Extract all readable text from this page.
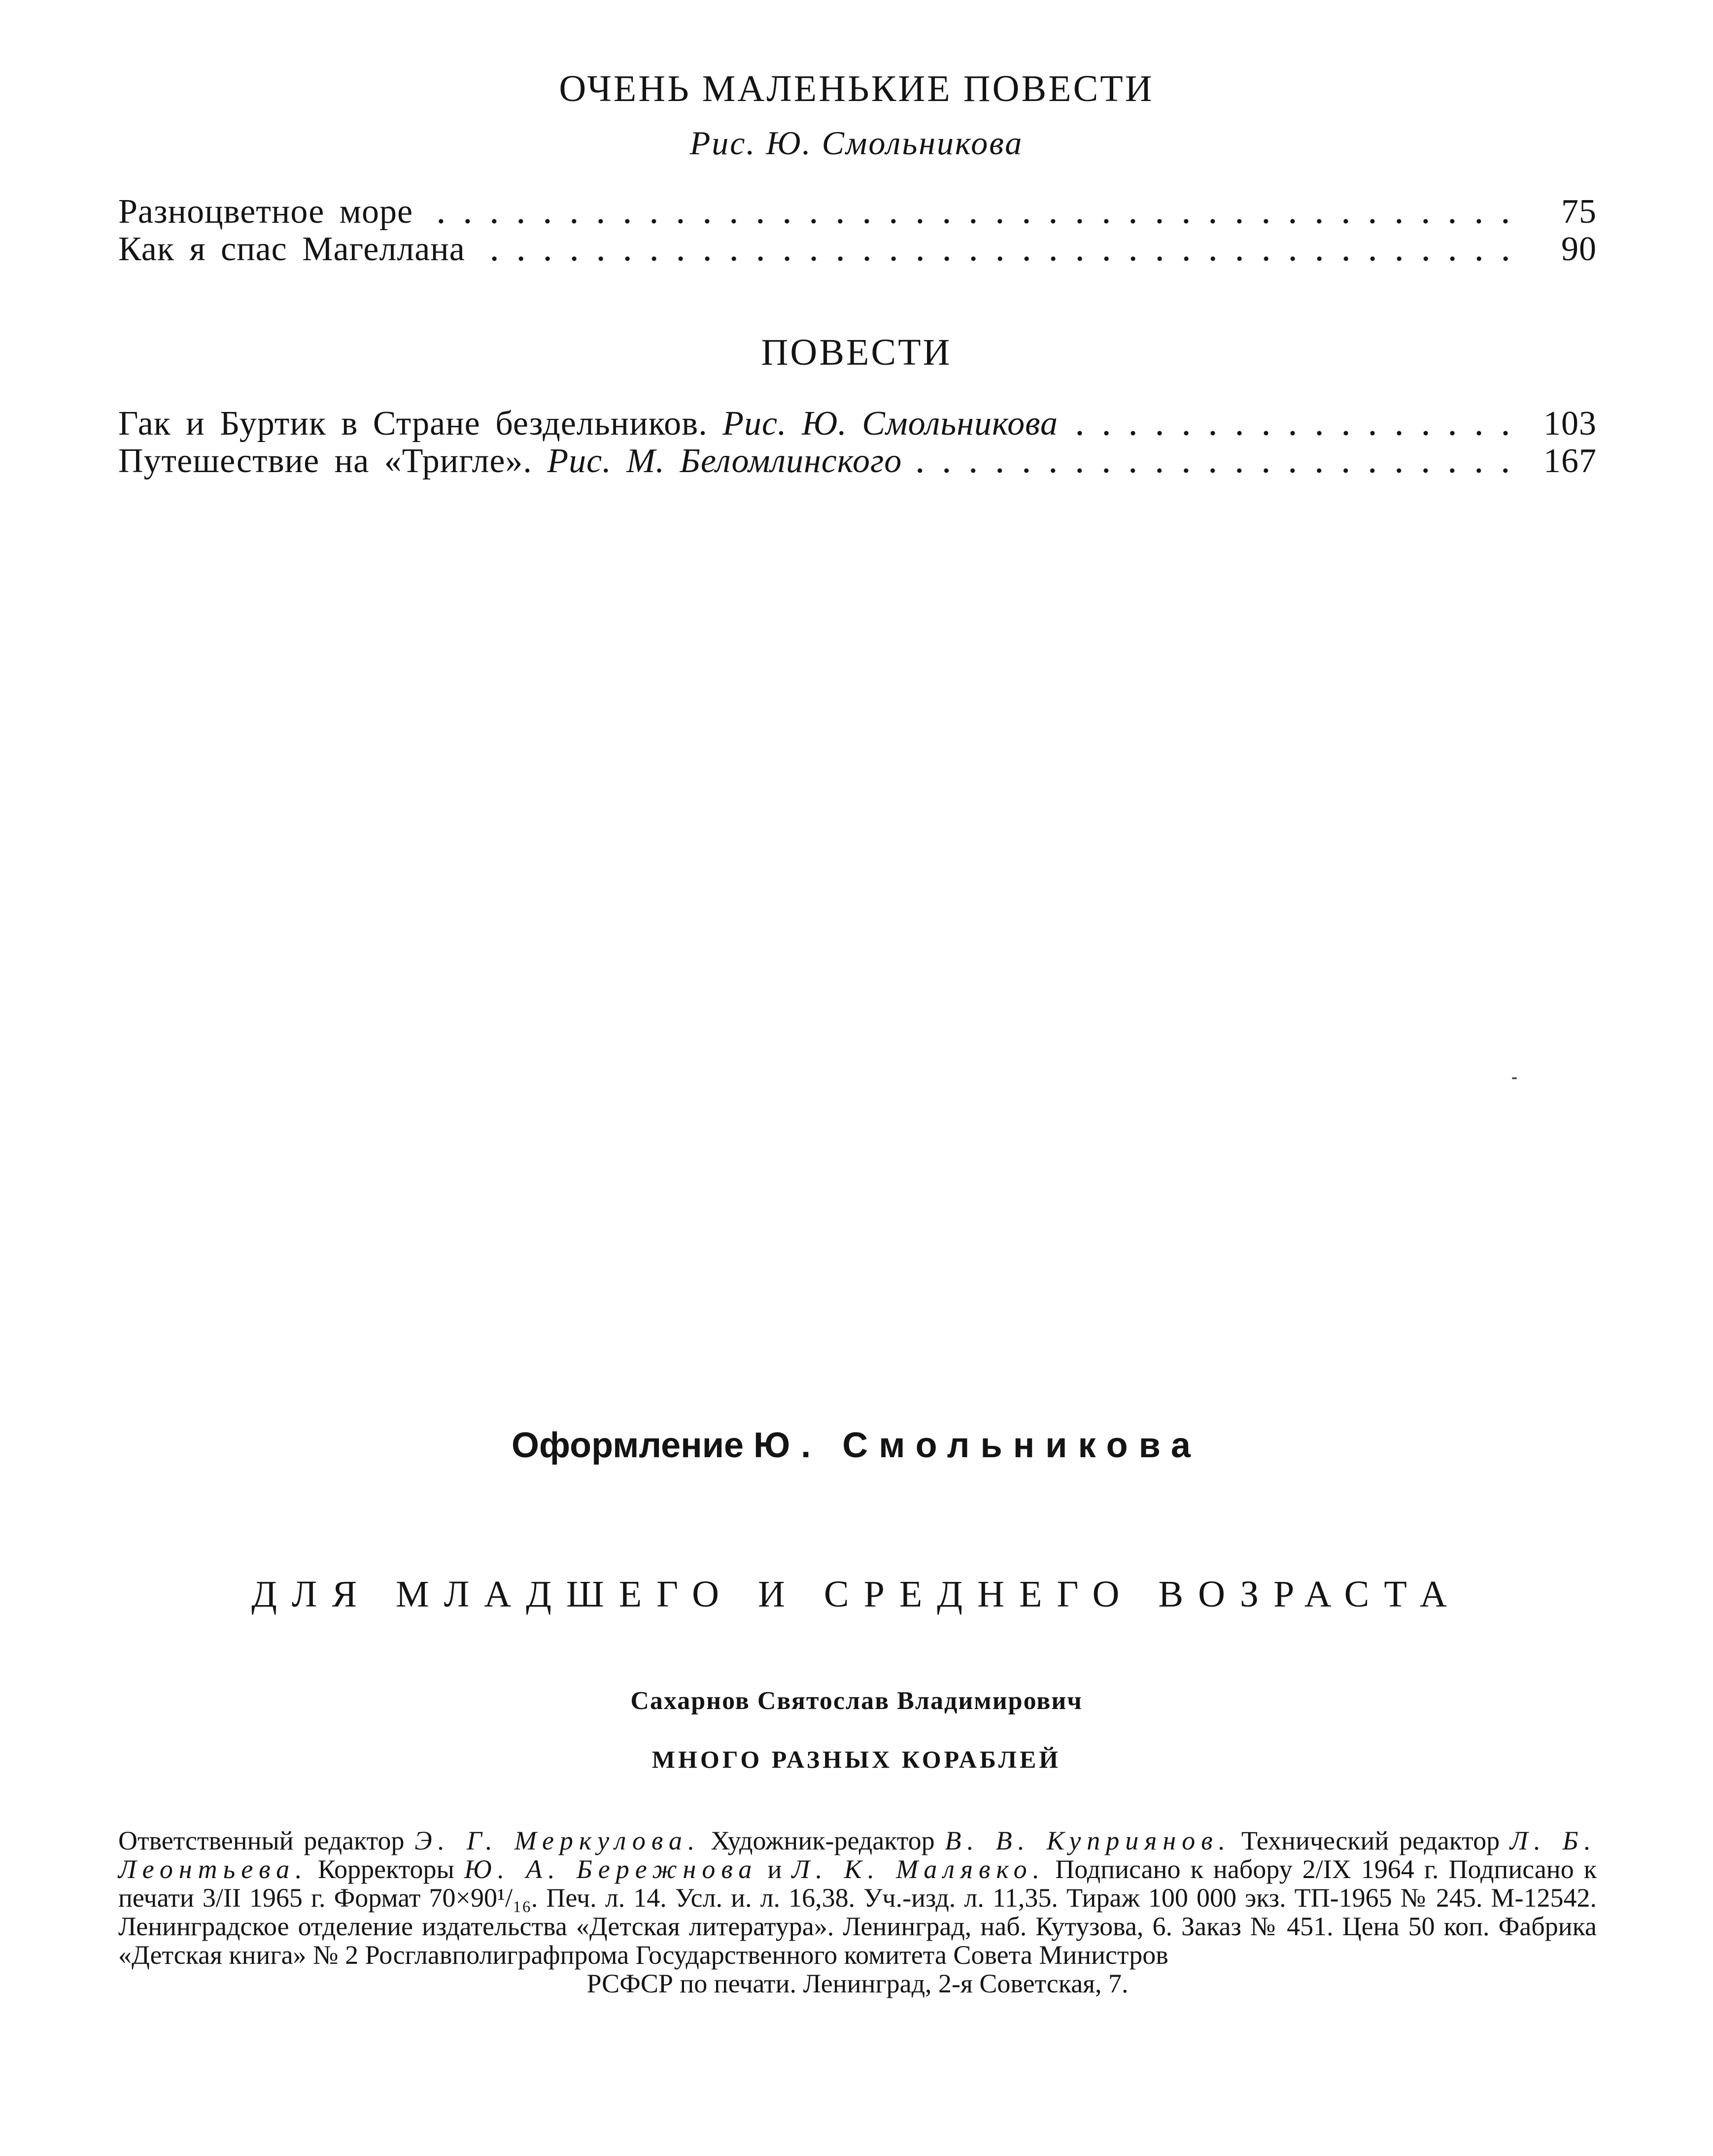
ОЧЕНЬ МАЛЕНЬКИЕ ПОВЕСТИ
Рис. Ю. Смольникова
Разноцветное море	75
Как я спас Магеллана	90
ПОВЕСТИ
Гак и Буртик в Стране бездельников. Рис. Ю. Смольникова	103
Путешествие на «Тригле». Рис. М. Беломлинского	167
Оформление Ю. Смольникова
ДЛЯ МЛАДШЕГО И СРЕДНЕГО ВОЗРАСТА
Сахарнов Святослав Владимирович
МНОГО РАЗНЫХ КОРАБЛЕЙ

Ответственный редактор Э. Г. Меркулова. Художник-редактор В. В. Куприянов. Технический редактор Л. Б. Леонтьева. Корректоры Ю. А. Бережнова и Л. К. Малявко. Подписано к набору 2/IX 1964 г. Подписано к печати 3/II 1965 г. Формат 70×90¹/₁₆. Печ. л. 14. Усл. и. л. 16,38. Уч.-изд. л. 11,35. Тираж 100 000 экз. ТП-1965 № 245. М-12542. Ленинградское отделение издательства «Детская литература». Ленинград, наб. Кутузова, 6. Заказ № 451. Цена 50 коп. Фабрика «Детская книга» № 2 Росглавполиграфпрома Государственного комитета Совета Министров

РСФСР по печати. Ленинград, 2-я Советская, 7.
